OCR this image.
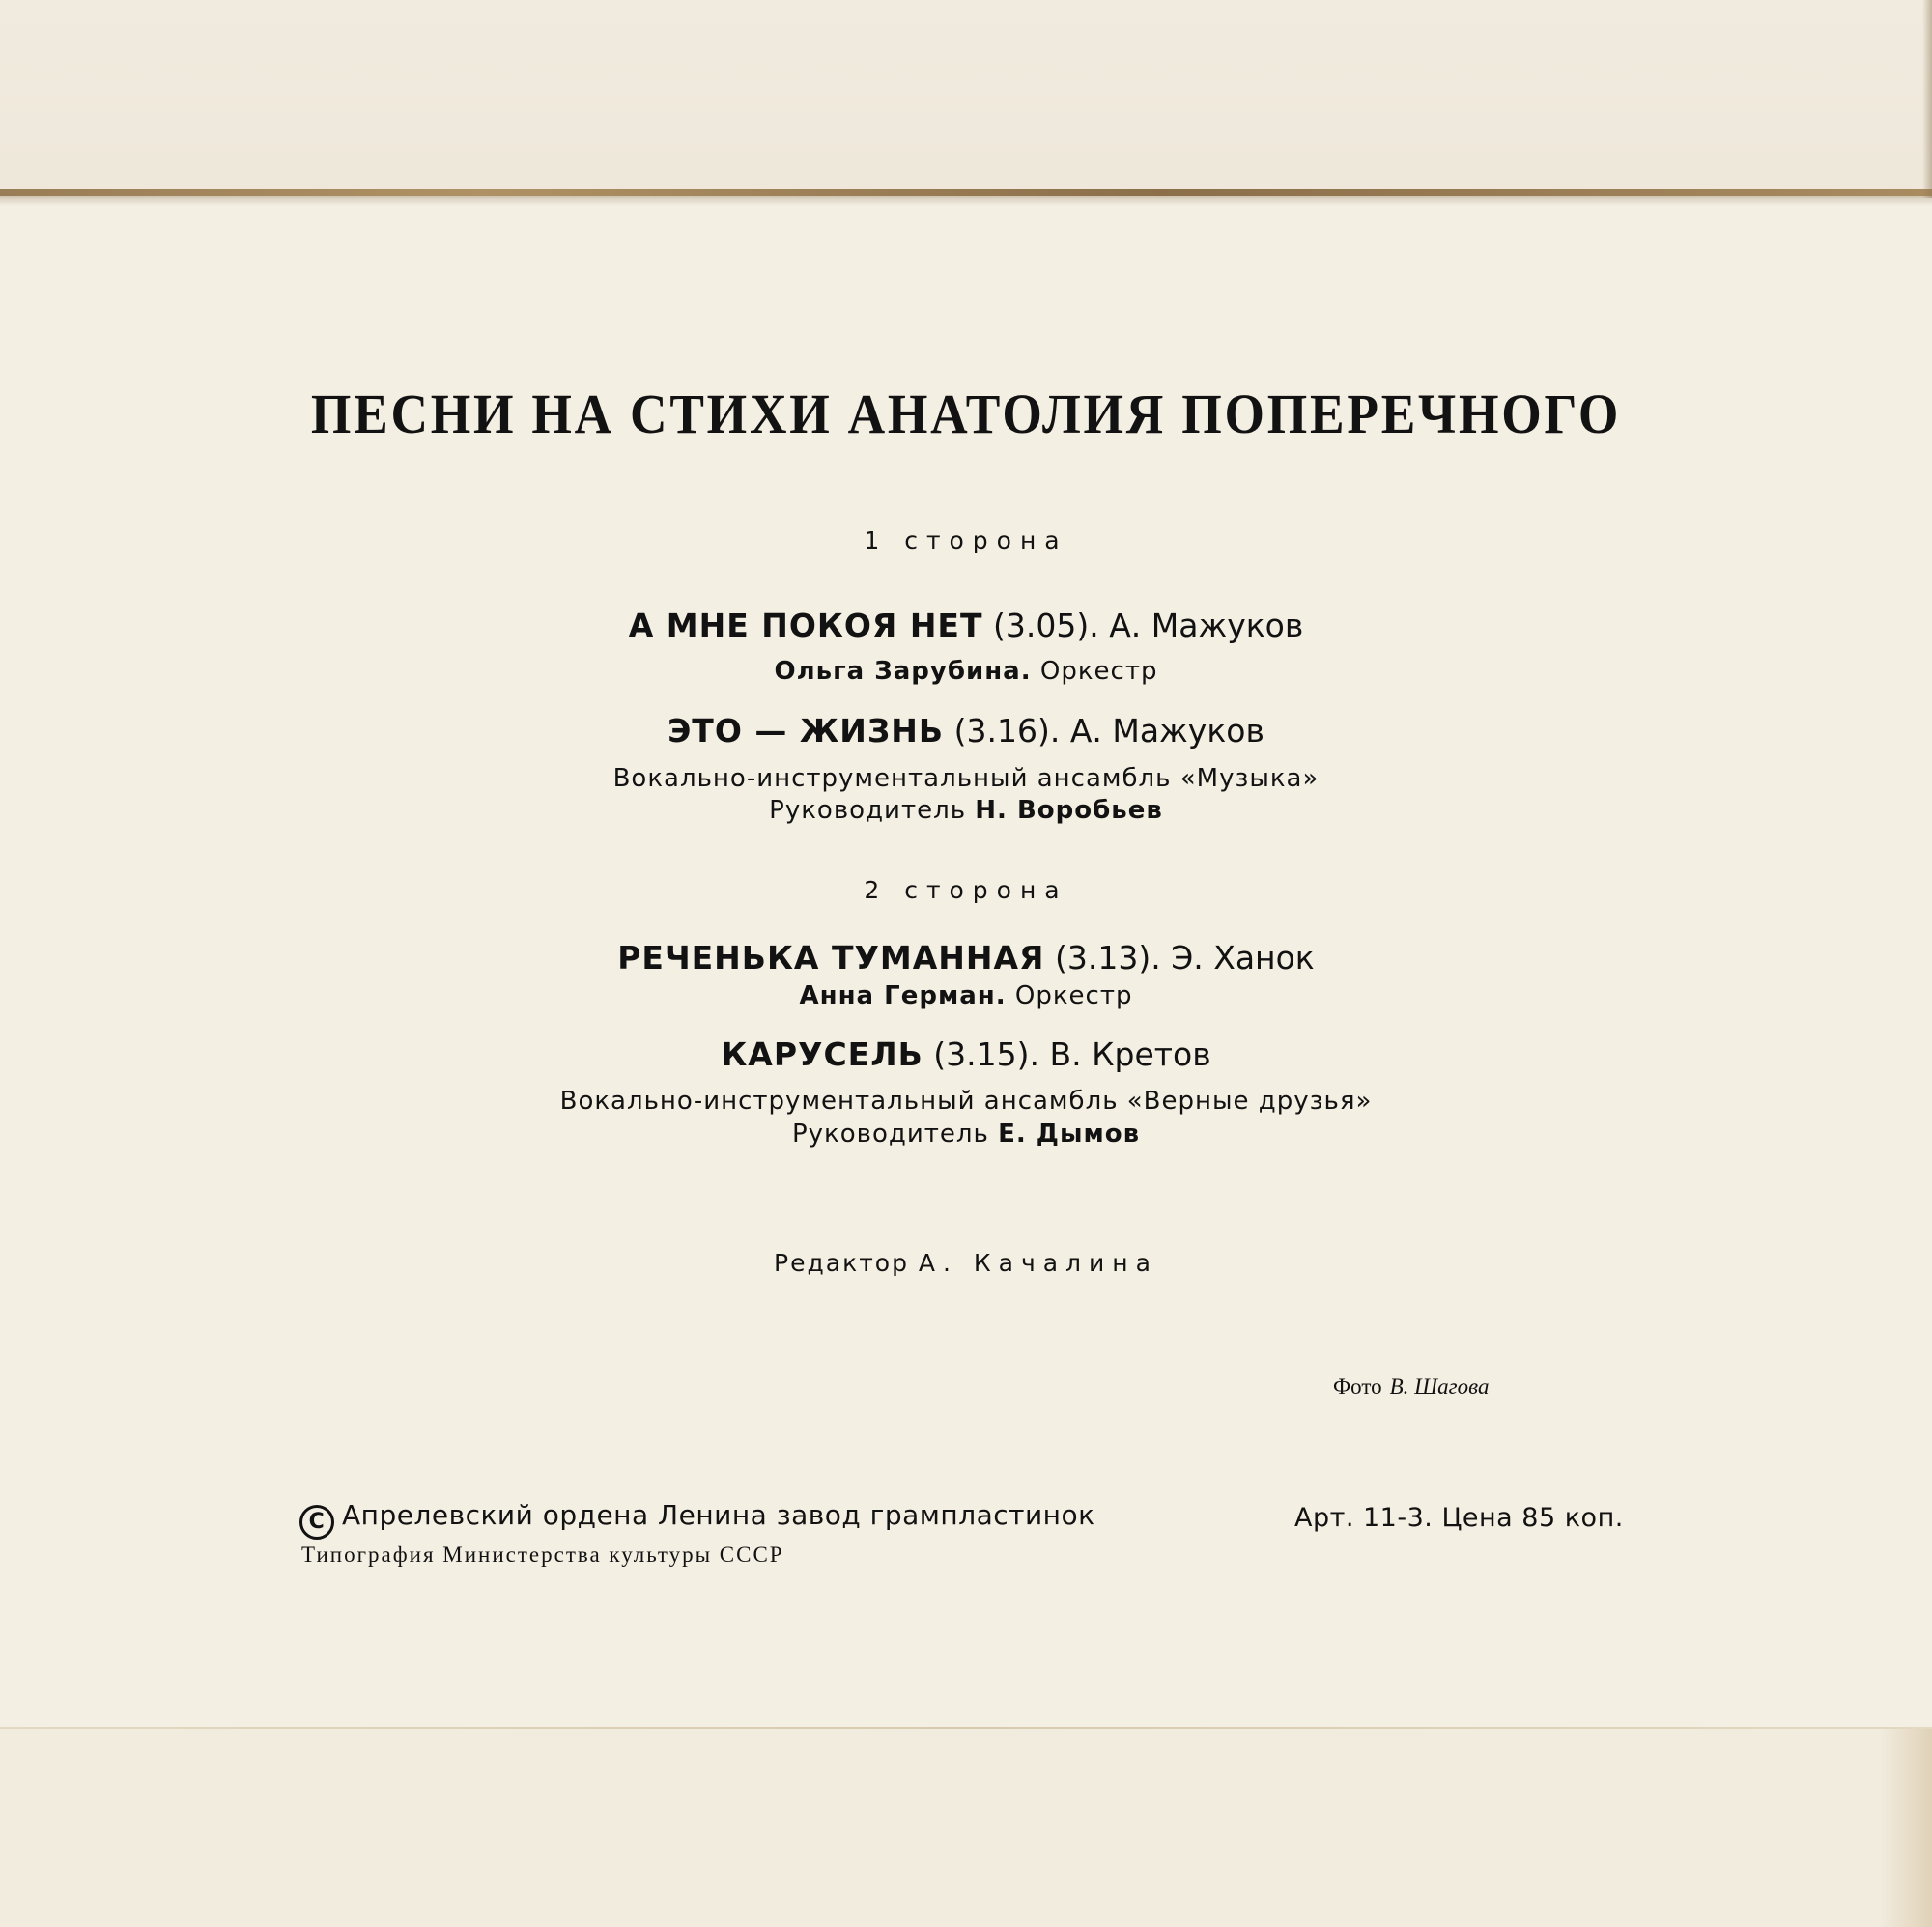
ПЕСНИ НА СТИХИ АНАТОЛИЯ ПОПЕРЕЧНОГО
1 сторона
А МНЕ ПОКОЯ НЕТ (3.05). А. Мажуков
Ольга Зарубина. Оркестр
ЭТО — ЖИЗНЬ (3.16). А. Мажуков
Вокально-инструментальный ансамбль «Музыка»
Руководитель Н. Воробьев
2 сторона
РЕЧЕНЬКА ТУМАННАЯ (3.13). Э. Ханок
Анна Герман. Оркестр
КАРУСЕЛЬ (3.15). В. Кретов
Вокально-инструментальный ансамбль «Верные друзья»
Руководитель Е. Дымов
Редактор А. Качалина
Фото В. Шагова
C Апрелевский ордена Ленина завод грампластинок
Типография Министерства культуры СССР
Арт. 11-3. Цена 85 коп.
